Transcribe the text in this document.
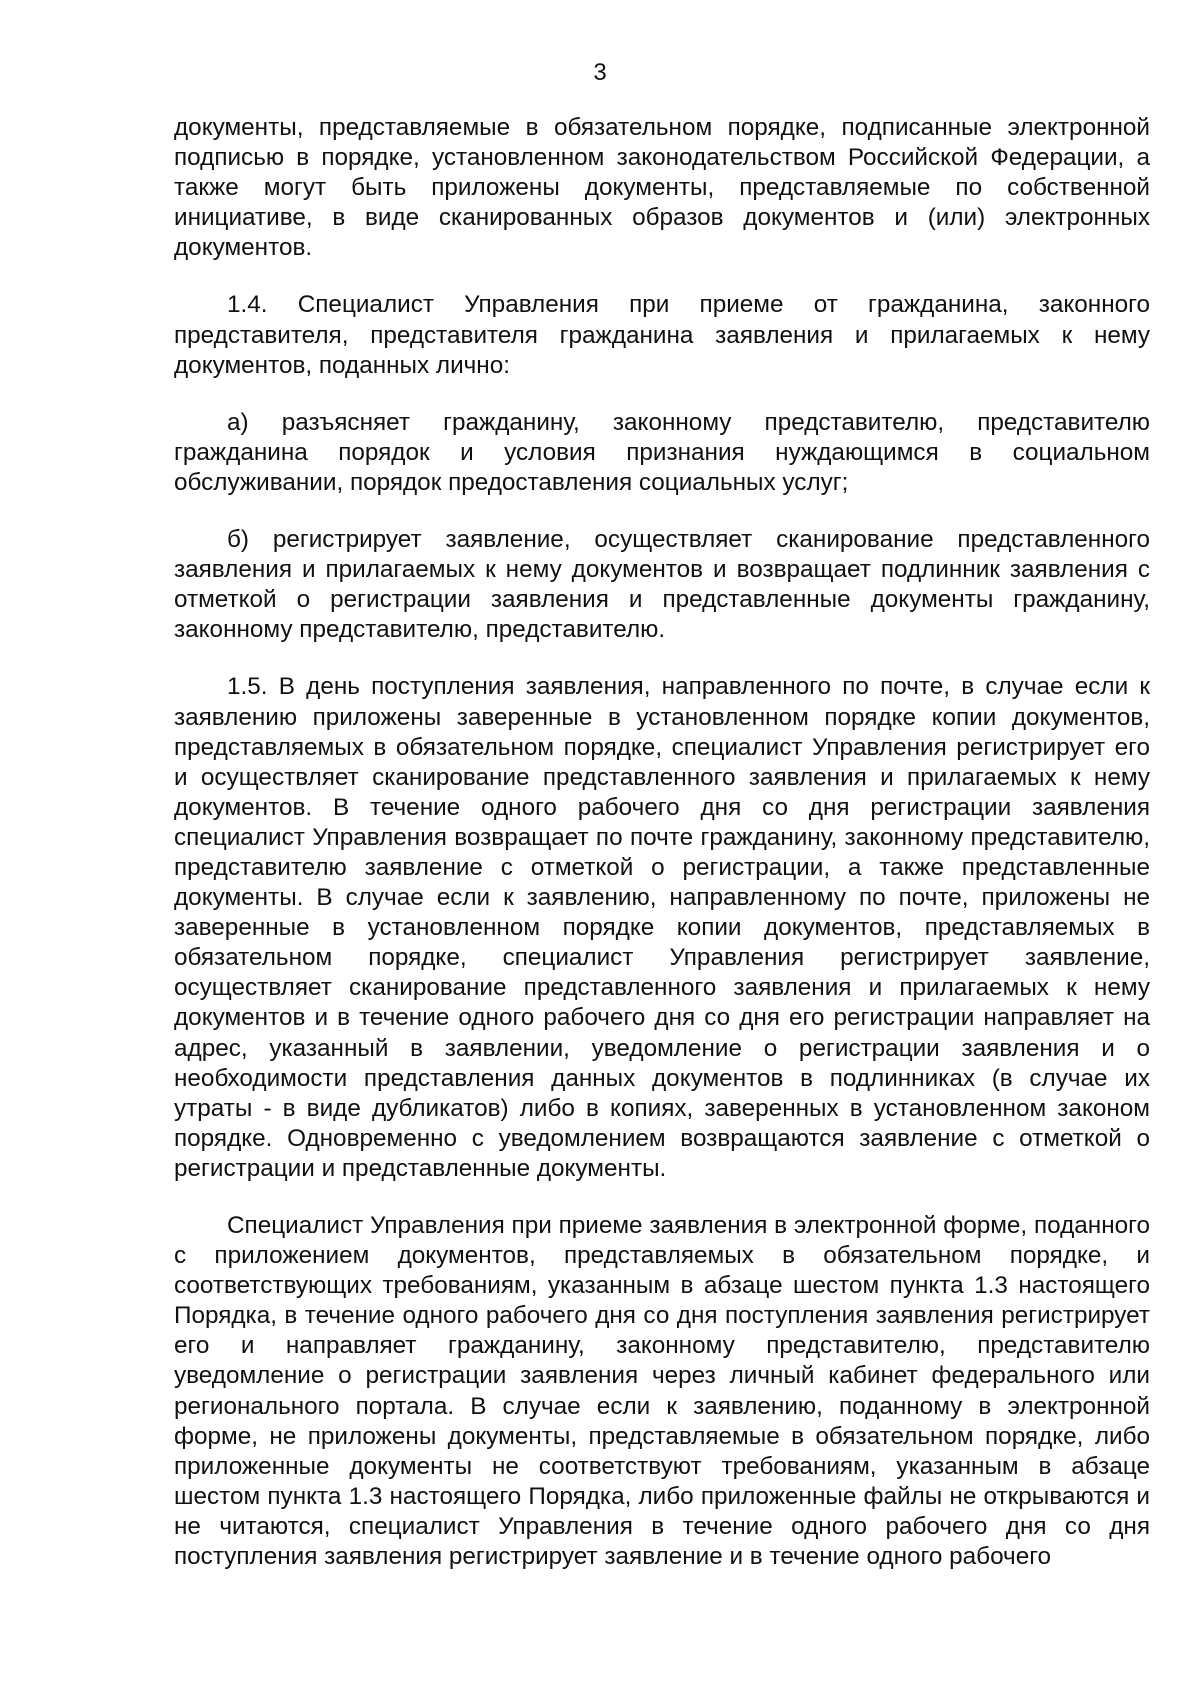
3

документы, представляемые в обязательном порядке, подписанные электронной подписью в порядке, установленном законодательством Российской Федерации, а также могут быть приложены документы, представляемые по собственной инициативе, в виде сканированных образов документов и (или) электронных документов.

1.4. Специалист Управления при приеме от гражданина, законного представителя, представителя гражданина заявления и прилагаемых к нему документов, поданных лично:

а) разъясняет гражданину, законному представителю, представителю гражданина порядок и условия признания нуждающимся в социальном обслуживании, порядок предоставления социальных услуг;

б) регистрирует заявление, осуществляет сканирование представленного заявления и прилагаемых к нему документов и возвращает подлинник заявления с отметкой о регистрации заявления и представленные документы гражданину, законному представителю, представителю.

1.5. В день поступления заявления, направленного по почте, в случае если к заявлению приложены заверенные в установленном порядке копии документов, представляемых в обязательном порядке, специалист Управления регистрирует его и осуществляет сканирование представленного заявления и прилагаемых к нему документов. В течение одного рабочего дня со дня регистрации заявления специалист Управления возвращает по почте гражданину, законному представителю, представителю заявление с отметкой о регистрации, а также представленные документы. В случае если к заявлению, направленному по почте, приложены не заверенные в установленном порядке копии документов, представляемых в обязательном порядке, специалист Управления регистрирует заявление, осуществляет сканирование представленного заявления и прилагаемых к нему документов и в течение одного рабочего дня со дня его регистрации направляет на адрес, указанный в заявлении, уведомление о регистрации заявления и о необходимости представления данных документов в подлинниках (в случае их утраты - в виде дубликатов) либо в копиях, заверенных в установленном законом порядке. Одновременно с уведомлением возвращаются заявление с отметкой о регистрации и представленные документы.

Специалист Управления при приеме заявления в электронной форме, поданного с приложением документов, представляемых в обязательном порядке, и соответствующих требованиям, указанным в абзаце шестом пункта 1.3 настоящего Порядка, в течение одного рабочего дня со дня поступления заявления регистрирует его и направляет гражданину, законному представителю, представителю уведомление о регистрации заявления через личный кабинет федерального или регионального портала. В случае если к заявлению, поданному в электронной форме, не приложены документы, представляемые в обязательном порядке, либо приложенные документы не соответствуют требованиям, указанным в абзаце шестом пункта 1.3 настоящего Порядка, либо приложенные файлы не открываются и не читаются, специалист Управления в течение одного рабочего дня со дня поступления заявления регистрирует заявление и в течение одного рабочего
